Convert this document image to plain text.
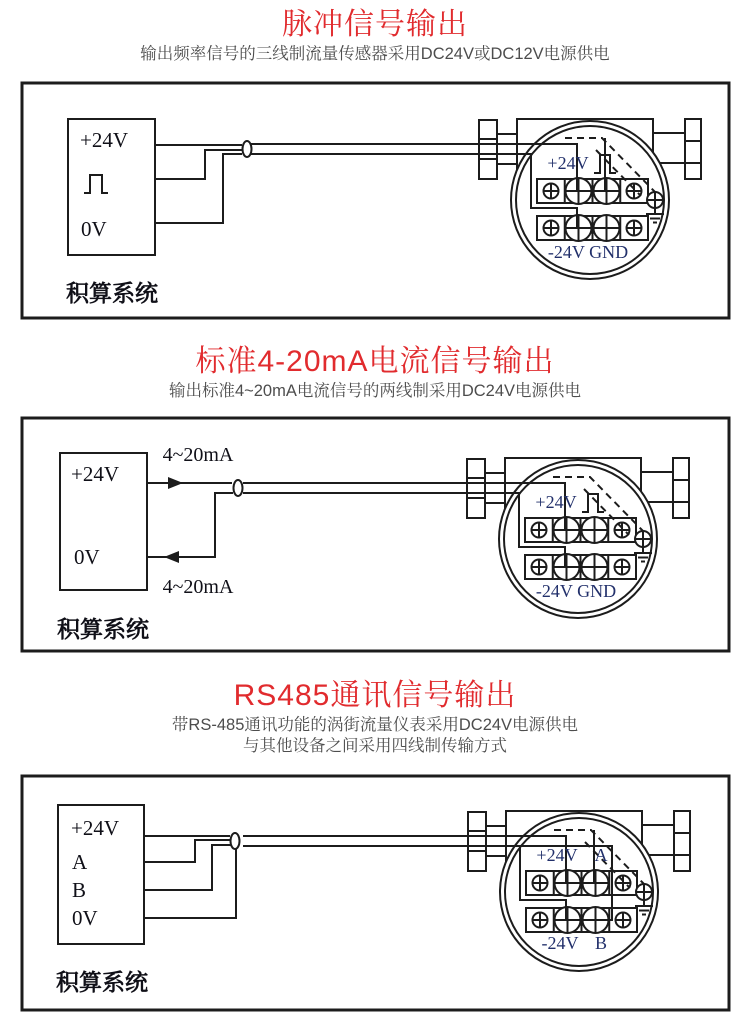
脉冲信号输出
输出频率信号的三线制流量传感器采用DC24V或DC12V电源供电
+24V
0V
积算系统
+24V
-24V GND
标准4-20mA电流信号输出
输出标准4~20mA电流信号的两线制采用DC24V电源供电
+24V
0V
积算系统
4~20mA
4~20mA
+24V
-24V GND
RS485通讯信号输出
带RS-485通讯功能的涡街流量仪表采用DC24V电源供电
与其他设备之间采用四线制传输方式
+24V
A
B
0V
积算系统
+24V A
-24V B
